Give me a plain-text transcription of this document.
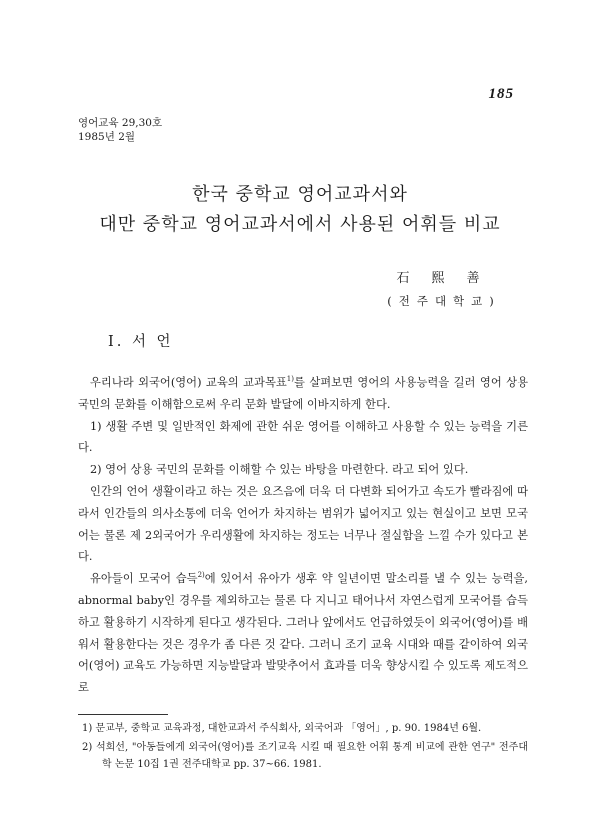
185
영어교육 29,30호
1985년 2월
한국 중학교 영어교과서와
대만 중학교 영어교과서에서 사용된 어휘들 비교
石熙善
(전주대학교)
I. 서 언

우리나라 외국어(영어) 교육의 교과목표$^{1)}$를 살펴보면 영어의 사용능력을 길러 영어 상용 국민의 문화를 이해함으로써 우리 문화 발달에 이바지하게 한다.

1) 생활 주변 및 일반적인 화제에 관한 쉬운 영어를 이해하고 사용할 수 있는 능력을 기른다.

2) 영어 상용 국민의 문화를 이해할 수 있는 바탕을 마련한다. 라고 되어 있다.

인간의 언어 생활이라고 하는 것은 요즈음에 더욱 더 다변화 되어가고 속도가 빨라짐에 따라서 인간들의 의사소통에 더욱 언어가 차지하는 범위가 넓어지고 있는 현실이고 보면 모국어는 물론 제 2외국어가 우리생활에 차지하는 정도는 너무나 절실함을 느낄 수가 있다고 본다.

유아들이 모국어 습득$^{2)}$에 있어서 유아가 생후 약 일년이면 말소리를 낼 수 있는 능력을, abnormal baby인 경우를 제외하고는 물론 다 지니고 태어나서 자연스럽게 모국어를 습득하고 활용하기 시작하게 된다고 생각된다. 그러나 앞에서도 언급하였듯이 외국어(영어)를 배워서 활용한다는 것은 경우가 좀 다른 것 같다. 그러니 조기 교육 시대와 때를 같이하여 외국어(영어) 교육도 가능하면 지능발달과 발맞추어서 효과를 더욱 향상시킬 수 있도록 제도적으로

1) 문교부, 중학교 교육과정, 대한교과서 주식회사, 외국어과 「영어」, p. 90. 1984년 6월.

2) 석희선, "아동들에게 외국어(영어)를 조기교육 시킬 때 필요한 어휘 통계 비교에 관한 연구" 전주대학 논문 10집 1권 전주대학교 pp. 37~66. 1981.
